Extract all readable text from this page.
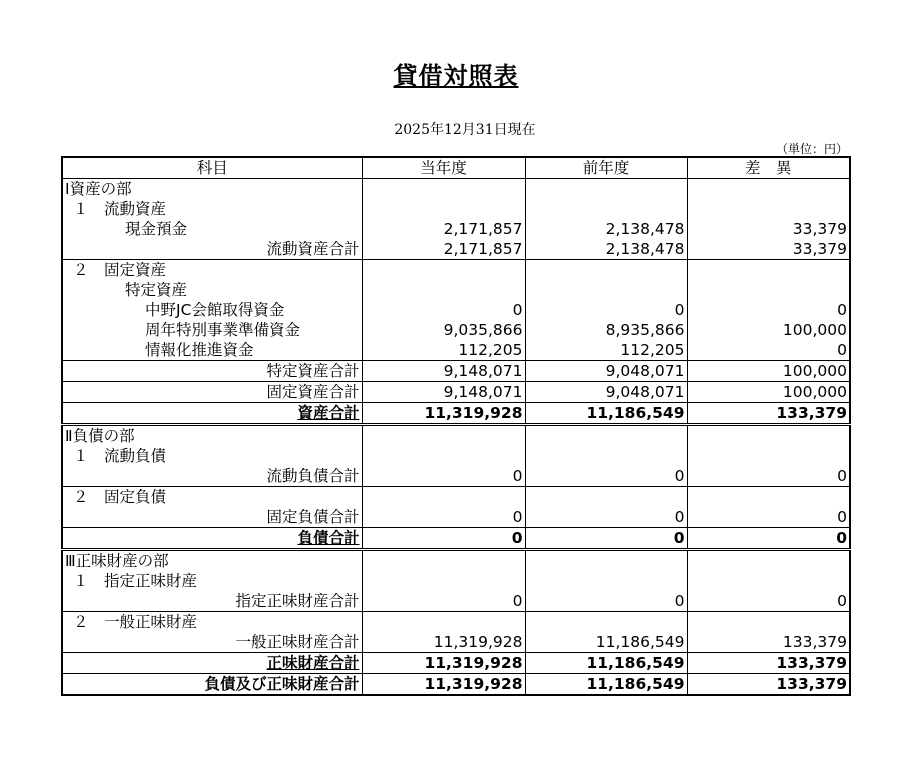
貸借対照表
2025年12月31日現在
（単位：円）
科目	当年度	前年度	差　異
Ⅰ資産の部			
１　流動資産			
現金預金	2,171,857	2,138,478	33,379
流動資産合計	2,171,857	2,138,478	33,379
２　固定資産			
特定資産			
中野JC会館取得資金	0	0	0
周年特別事業準備資金	9,035,866	8,935,866	100,000
情報化推進資金	112,205	112,205	0
特定資産合計	9,148,071	9,048,071	100,000
固定資産合計	9,148,071	9,048,071	100,000
資産合計	11,319,928	11,186,549	133,379
Ⅱ負債の部			
１　流動負債			
流動負債合計	0	0	0
２　固定負債			
固定負債合計	0	0	0
負債合計	0	0	0
Ⅲ正味財産の部			
１　指定正味財産			
指定正味財産合計	0	0	0
２　一般正味財産			
一般正味財産合計	11,319,928	11,186,549	133,379
正味財産合計	11,319,928	11,186,549	133,379
負債及び正味財産合計	11,319,928	11,186,549	133,379
